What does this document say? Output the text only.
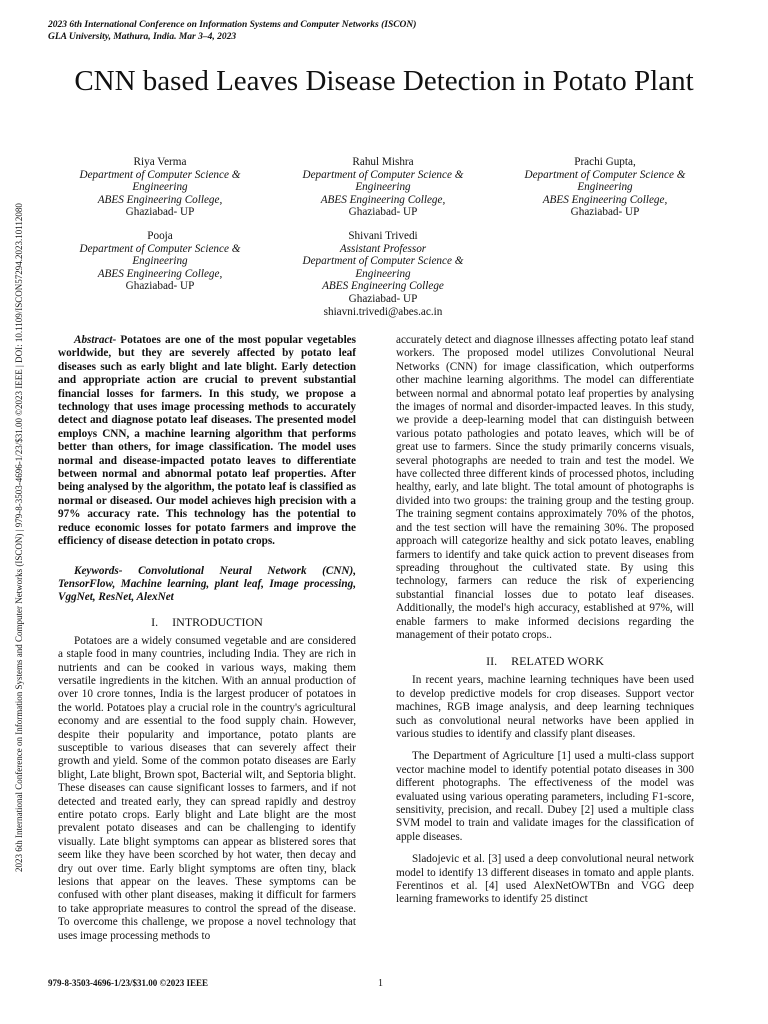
2023 6th International Conference on Information Systems and Computer Networks (ISCON)
GLA University, Mathura, India. Mar 3–4, 2023
2023 6th International Conference on Information Systems and Computer Networks (ISCON) | 979-8-3503-4696-1/23/$31.00 ©2023 IEEE | DOI: 10.1109/ISCON57294.2023.10112080
CNN based Leaves Disease Detection in Potato Plant
Riya Verma
Department of Computer Science & Engineering
ABES Engineering College,
Ghaziabad- UP
Rahul Mishra
Department of Computer Science & Engineering
ABES Engineering College,
Ghaziabad- UP
Prachi Gupta,
Department of Computer Science & Engineering
ABES Engineering College,
Ghaziabad- UP
Pooja
Department of Computer Science & Engineering
ABES Engineering College,
Ghaziabad- UP
Shivani Trivedi
Assistant Professor
Department of Computer Science & Engineering
ABES Engineering College
Ghaziabad- UP
shiavni.trivedi@abes.ac.in

Abstract- Potatoes are one of the most popular vegetables worldwide, but they are severely affected by potato leaf diseases such as early blight and late blight. Early detection and appropriate action are crucial to prevent substantial financial losses for farmers. In this study, we propose a technology that uses image processing methods to accurately detect and diagnose potato leaf diseases. The presented model employs CNN, a machine learning algorithm that performs better than others, for image classification. The model uses normal and disease-impacted potato leaves to differentiate between normal and abnormal potato leaf properties. After being analysed by the algorithm, the potato leaf is classified as normal or diseased. Our model achieves high precision with a 97% accuracy rate. This technology has the potential to reduce economic losses for potato farmers and improve the efficiency of disease detection in potato crops.

Keywords- Convolutional Neural Network (CNN), TensorFlow, Machine learning, plant leaf, Image processing, VggNet, ResNet, AlexNet

I. INTRODUCTION

Potatoes are a widely consumed vegetable and are considered a staple food in many countries, including India. They are rich in nutrients and can be cooked in various ways, making them versatile ingredients in the kitchen. With an annual production of over 10 crore tonnes, India is the largest producer of potatoes in the world. Potatoes play a crucial role in the country's agricultural economy and are essential to the food supply chain. However, despite their popularity and importance, potato plants are susceptible to various diseases that can severely affect their growth and yield. Some of the common potato diseases are Early blight, Late blight, Brown spot, Bacterial wilt, and Septoria blight. These diseases can cause significant losses to farmers, and if not detected and treated early, they can spread rapidly and destroy entire potato crops. Early blight and Late blight are the most prevalent potato diseases and can be challenging to identify visually. Late blight symptoms can appear as blistered sores that seem like they have been scorched by hot water, then decay and dry out over time. Early blight symptoms are often tiny, black lesions that appear on the leaves. These symptoms can be confused with other plant diseases, making it difficult for farmers to take appropriate measures to control the spread of the disease. To overcome this challenge, we propose a novel technology that uses image processing methods to

accurately detect and diagnose illnesses affecting potato leaf stand workers. The proposed model utilizes Convolutional Neural Networks (CNN) for image classification, which outperforms other machine learning algorithms. The model can differentiate between normal and abnormal potato leaf properties by analysing the images of normal and disorder-impacted leaves. In this study, we provide a deep-learning model that can distinguish between various potato pathologies and potato leaves, which will be of great use to farmers. Since the study primarily concerns visuals, several photographs are needed to train and test the model. We have collected three different kinds of processed photos, including healthy, early, and late blight. The total amount of photographs is divided into two groups: the training group and the testing group. The training segment contains approximately 70% of the photos, and the test section will have the remaining 30%. The proposed approach will categorize healthy and sick potato leaves, enabling farmers to identify and take quick action to prevent diseases from spreading throughout the cultivated state. By using this technology, farmers can reduce the risk of experiencing substantial financial losses due to potato leaf diseases. Additionally, the model's high accuracy, established at 97%, will enable farmers to make informed decisions regarding the management of their potato crops..

II. RELATED WORK

In recent years, machine learning techniques have been used to develop predictive models for crop diseases. Support vector machines, RGB image analysis, and deep learning techniques such as convolutional neural networks have been applied in various studies to identify and classify plant diseases.

The Department of Agriculture [1] used a multi-class support vector machine model to identify potential potato diseases in 300 different photographs. The effectiveness of the model was evaluated using various operating parameters, including F1-score, sensitivity, precision, and recall. Dubey [2] used a multiple class SVM model to train and validate images for the classification of apple diseases.

Sladojevic et al. [3] used a deep convolutional neural network model to identify 13 different diseases in tomato and apple plants. Ferentinos et al. [4] used AlexNetOWTBn and VGG deep learning frameworks to identify 25 distinct

979-8-3503-4696-1/23/$31.00 ©2023 IEEE	1
